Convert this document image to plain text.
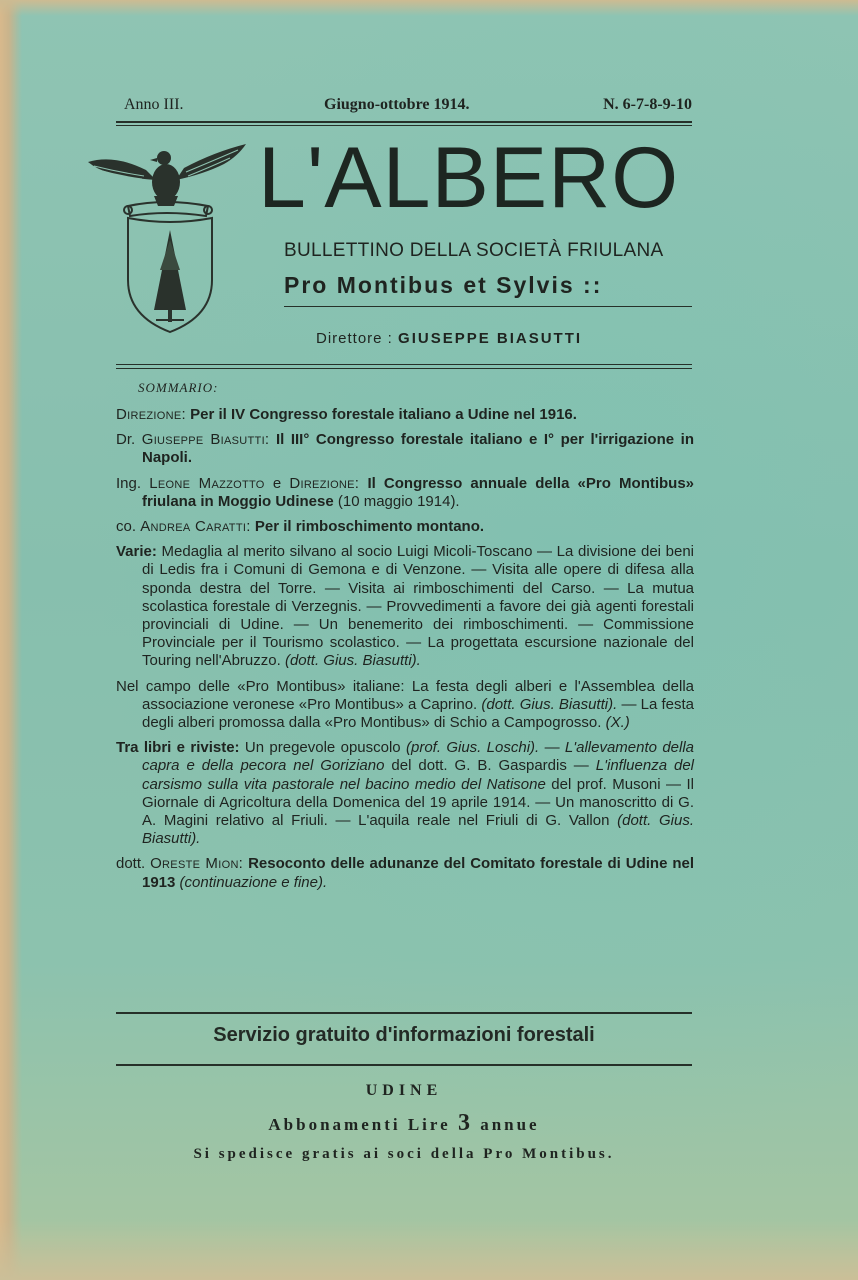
Anno III.	Giugno-ottobre 1914.	N. 6-7-8-9-10
L'ALBERO
BULLETTINO DELLA SOCIETÀ FRIULANA
Pro Montibus et Sylvis ::
Direttore : GIUSEPPE BIASUTTI
SOMMARIO:

Direzione: Per il IV Congresso forestale italiano a Udine nel 1916.

Dr. Giuseppe Biasutti: Il III° Congresso forestale italiano e I° per l'irrigazione in Napoli.

Ing. Leone Mazzotto e Direzione: Il Congresso annuale della «Pro Montibus» friulana in Moggio Udinese (10 maggio 1914).

co. Andrea Caratti: Per il rimboschimento montano.

Varie: Medaglia al merito silvano al socio Luigi Micoli-Toscano — La divisione dei beni di Ledis fra i Comuni di Gemona e di Venzone. — Visita alle opere di difesa alla sponda destra del Torre. — Visita ai rimboschimenti del Carso. — La mutua scolastica forestale di Verzegnis. — Provvedimenti a favore dei già agenti forestali provinciali di Udine. — Un benemerito dei rimboschimenti. — Commissione Provinciale per il Tourismo scolastico. — La progettata escursione nazionale del Touring nell'Abruzzo. (dott. Gius. Biasutti).

Nel campo delle «Pro Montibus» italiane: La festa degli alberi e l'Assemblea della associazione veronese «Pro Montibus» a Caprino. (dott. Gius. Biasutti). — La festa degli alberi promossa dalla «Pro Montibus» di Schio a Campogrosso. (X.)

Tra libri e riviste: Un pregevole opuscolo (prof. Gius. Loschi). — L'allevamento della capra e della pecora nel Goriziano del dott. G. B. Gaspardis — L'influenza del carsismo sulla vita pastorale nel bacino medio del Natisone del prof. Musoni — Il Giornale di Agricoltura della Domenica del 19 aprile 1914. — Un manoscritto di G. A. Magini relativo al Friuli. — L'aquila reale nel Friuli di G. Vallon (dott. Gius. Biasutti).

dott. Oreste Mion: Resoconto delle adunanze del Comitato forestale di Udine nel 1913 (continuazione e fine).

Servizio gratuito d'informazioni forestali
UDINE
Abbonamenti Lire 3 annue
Si spedisce gratis ai soci della Pro Montibus.
